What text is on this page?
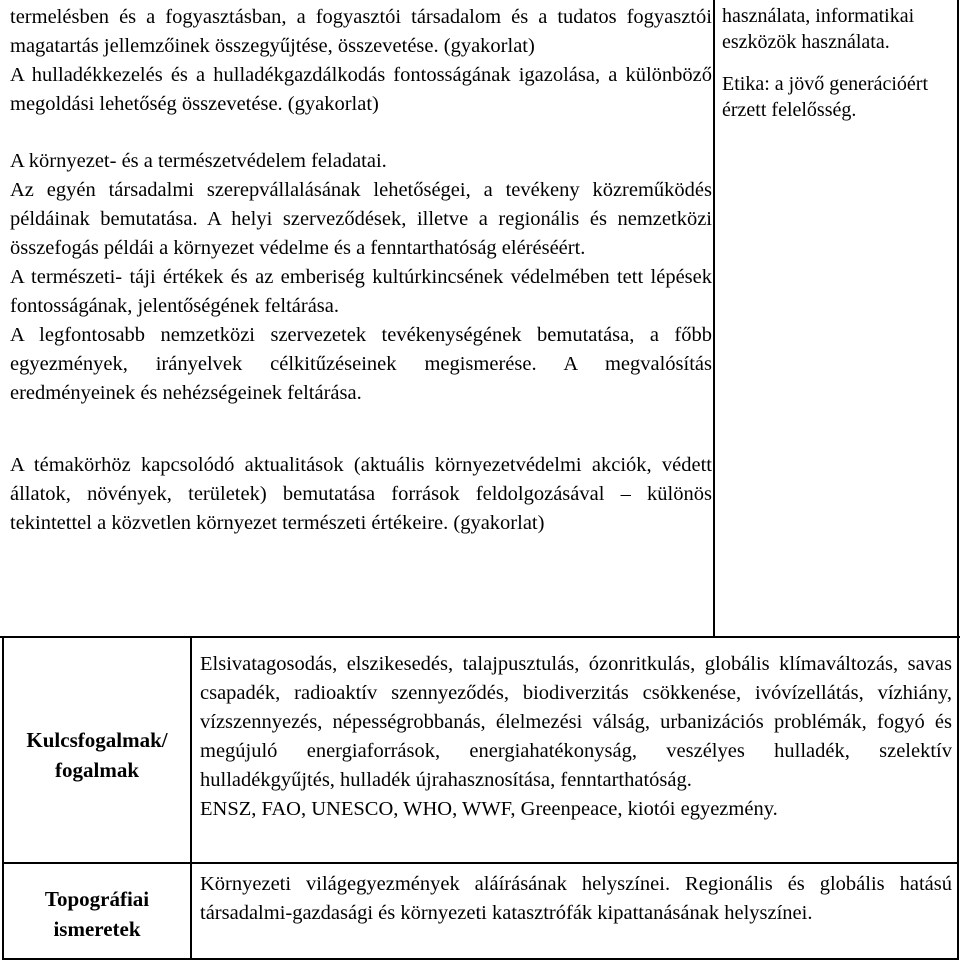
termelésben és a fogyasztásban, a fogyasztói társadalom és a tudatos fogyasztói magatartás jellemzőinek összegyűjtése, összevetése. (gyakorlat)

A hulladékkezelés és a hulladékgazdálkodás fontosságának igazolása, a különböző megoldási lehetőség összevetése. (gyakorlat)

A környezet- és a természetvédelem feladatai.

Az egyén társadalmi szerepvállalásának lehetőségei, a tevékeny közreműködés példáinak bemutatása. A helyi szerveződések, illetve a regionális és nemzetközi összefogás példái a környezet védelme és a fenntarthatóság eléréséért.

A természeti- táji értékek és az emberiség kultúrkincsének védelmében tett lépések fontosságának, jelentőségének feltárása.

A legfontosabb nemzetközi szervezetek tevékenységének bemutatása, a főbb egyezmények, irányelvek célkitűzéseinek megismerése. A megvalósítás eredményeinek és nehézségeinek feltárása.

A témakörhöz kapcsolódó aktualitások (aktuális környezetvédelmi akciók, védett állatok, növények, területek) bemutatása források feldolgozásával – különös tekintettel a közvetlen környezet természeti értékeire. (gyakorlat)

használata, informatikai eszközök használata.

Etika: a jövő generációért érzett felelősség.

Kulcsfogalmak/ fogalmak

Elsivatagosodás, elszikesedés, talajpusztulás, ózonritkulás, globális klímaváltozás, savas csapadék, radioaktív szennyeződés, biodiverzitás csökkenése, ivóvízellátás, vízhiány, vízszennyezés, népességrobbanás, élelmezési válság, urbanizációs problémák, fogyó és megújuló energiaforrások, energiahatékonyság, veszélyes hulladék, szelektív hulladékgyűjtés, hulladék újrahasznosítása, fenntarthatóság.

ENSZ, FAO, UNESCO, WHO, WWF, Greenpeace, kiotói egyezmény.

Topográfiai ismeretek

Környezeti világegyezmények aláírásának helyszínei. Regionális és globális hatású társadalmi-gazdasági és környezeti katasztrófák kipattanásának helyszínei.
